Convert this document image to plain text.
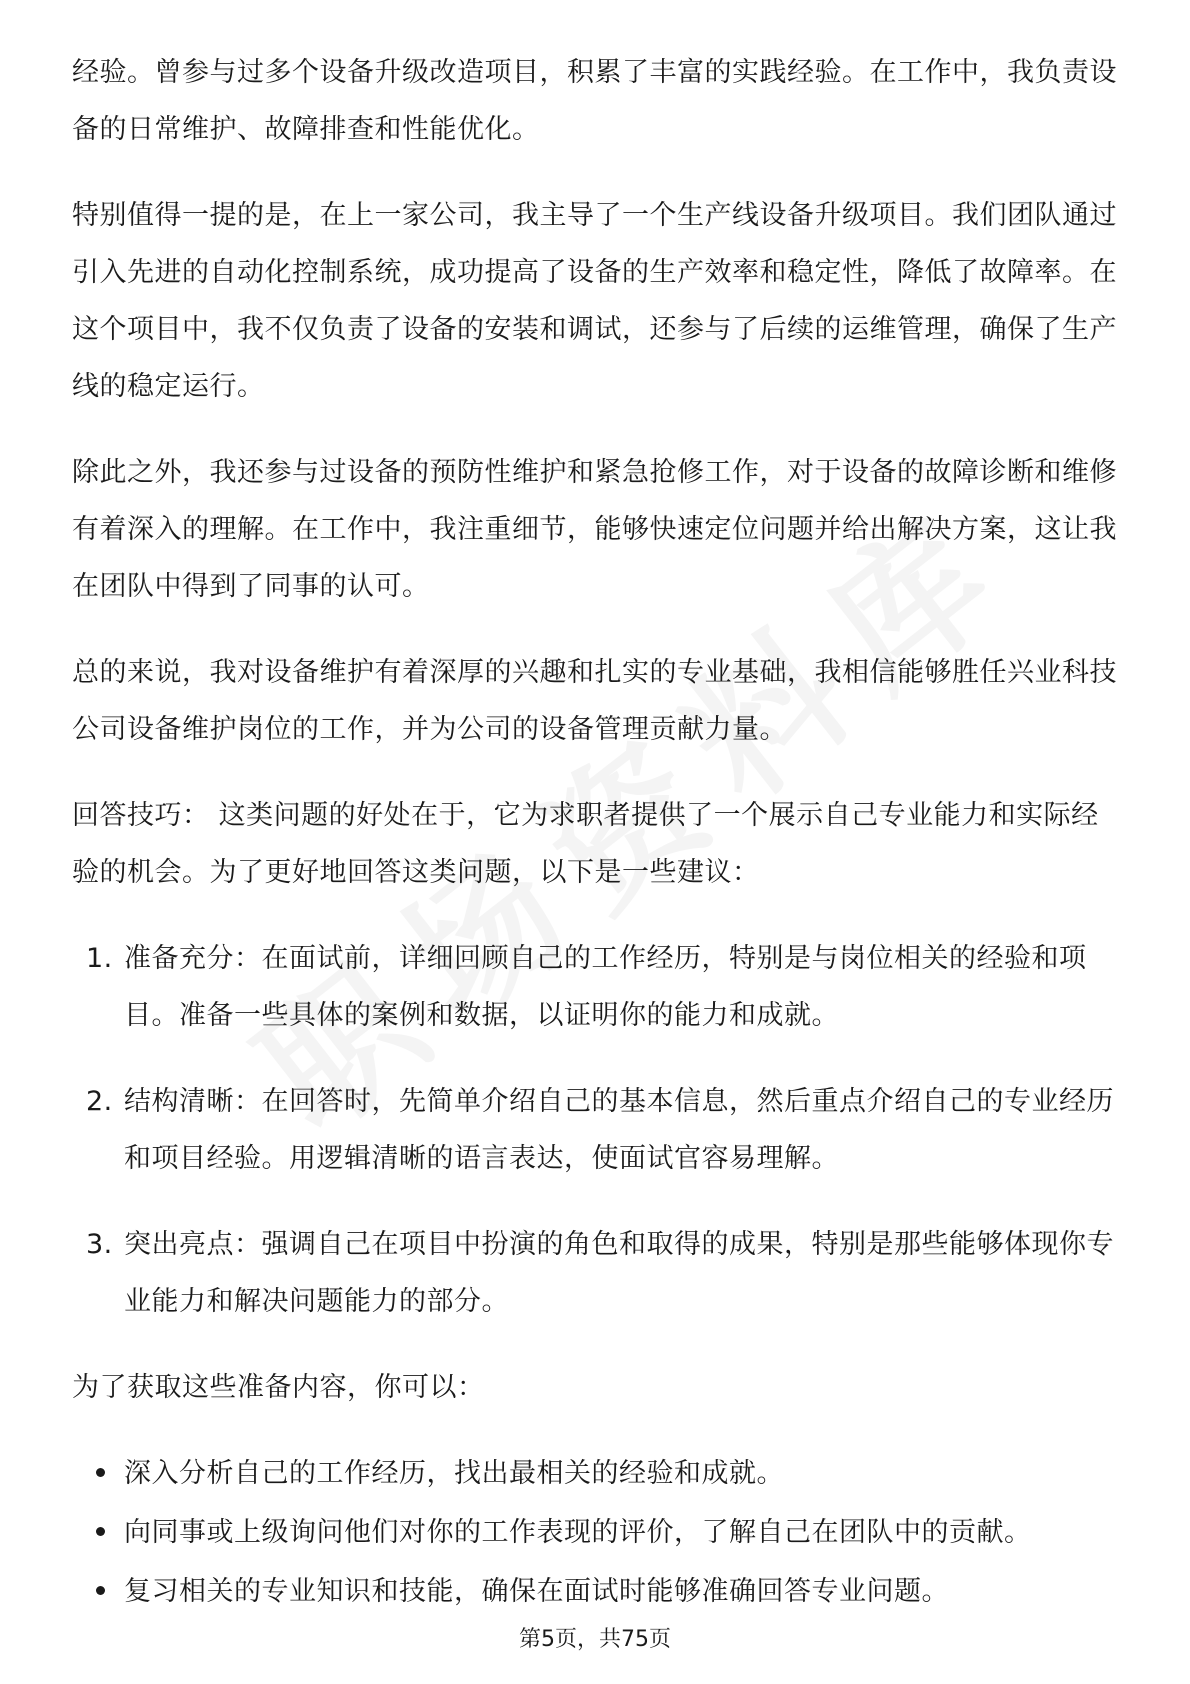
经验。曾参与过多个设备升级改造项目，积累了丰富的实践经验。在工作中，我负责设备的日常维护、故障排查和性能优化。

特别值得一提的是，在上一家公司，我主导了一个生产线设备升级项目。我们团队通过引入先进的自动化控制系统，成功提高了设备的生产效率和稳定性，降低了故障率。在这个项目中，我不仅负责了设备的安装和调试，还参与了后续的运维管理，确保了生产线的稳定运行。

除此之外，我还参与过设备的预防性维护和紧急抢修工作，对于设备的故障诊断和维修有着深入的理解。在工作中，我注重细节，能够快速定位问题并给出解决方案，这让我在团队中得到了同事的认可。

总的来说，我对设备维护有着深厚的兴趣和扎实的专业基础，我相信能够胜任兴业科技公司设备维护岗位的工作，并为公司的设备管理贡献力量。

回答技巧： 这类问题的好处在于，它为求职者提供了一个展示自己专业能力和实际经验的机会。为了更好地回答这类问题，以下是一些建议：

1. 准备充分：在面试前，详细回顾自己的工作经历，特别是与岗位相关的经验和项目。准备一些具体的案例和数据，以证明你的能力和成就。
2. 结构清晰：在回答时，先简单介绍自己的基本信息，然后重点介绍自己的专业经历和项目经验。用逻辑清晰的语言表达，使面试官容易理解。
3. 突出亮点：强调自己在项目中扮演的角色和取得的成果，特别是那些能够体现你专业能力和解决问题能力的部分。

为了获取这些准备内容，你可以：

深入分析自己的工作经历，找出最相关的经验和成就。
向同事或上级询问他们对你的工作表现的评价，了解自己在团队中的贡献。
复习相关的专业知识和技能，确保在面试时能够准确回答专业问题。
第5页，共75页
